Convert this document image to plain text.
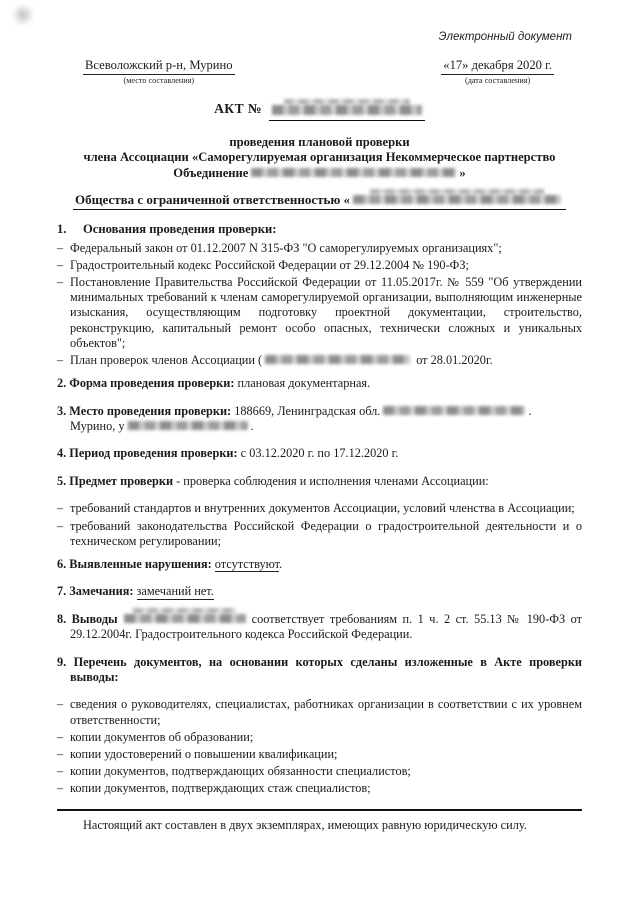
Электронный документ
Всеволожский р-н, Мурино
(место составления)
«17» декабря 2020 г.
(дата составления)
АКТ №
проведения плановой проверки
члена Ассоциации «Саморегулируемая организация Некоммерческое партнерство
Объединение	»
Общества с ограниченной ответственностью «
1. Основания проведения проверки:
– Федеральный закон от 01.12.2007 N 315-ФЗ "О саморегулируемых организациях";
– Градостроительный кодекс Российской Федерации от 29.12.2004 № 190-ФЗ;
– Постановление Правительства Российской Федерации от 11.05.2017г. № 559 "Об утверждении минимальных требований к членам саморегулируемой организации, выполняющим инженерные изыскания, осуществляющим подготовку проектной документации, строительство, реконструкцию, капитальный ремонт особо опасных, технически сложных и уникальных объектов";
– План проверок членов Ассоциации (	от 28.01.2020г.

2. Форма проведения проверки: плановая документарная.

3. Место проведения проверки: 188669, Ленинградская обл.	.
Мурино, у	.

4. Период проведения проверки: с 03.12.2020 г. по 17.12.2020 г.

5. Предмет проверки - проверка соблюдения и исполнения членами Ассоциации:

– требований стандартов и внутренних документов Ассоциации, условий членства в Ассоциации;
– требований законодательства Российской Федерации о градостроительной деятельности и о техническом регулировании;

6. Выявленные нарушения: отсутствуют.

7. Замечания: замечаний нет.

8. Выводы	соответствует требованиям п. 1 ч. 2 ст. 55.13 № 190-ФЗ от 29.12.2004г. Градостроительного кодекса Российской Федерации.

9. Перечень документов, на основании которых сделаны изложенные в Акте проверки выводы:

– сведения о руководителях, специалистах, работниках организации в соответствии с их уровнем ответственности;
– копии документов об образовании;
– копии удостоверений о повышении квалификации;
– копии документов, подтверждающих обязанности специалистов;
– копии документов, подтверждающих стаж специалистов;

Настоящий акт составлен в двух экземплярах, имеющих равную юридическую силу.
